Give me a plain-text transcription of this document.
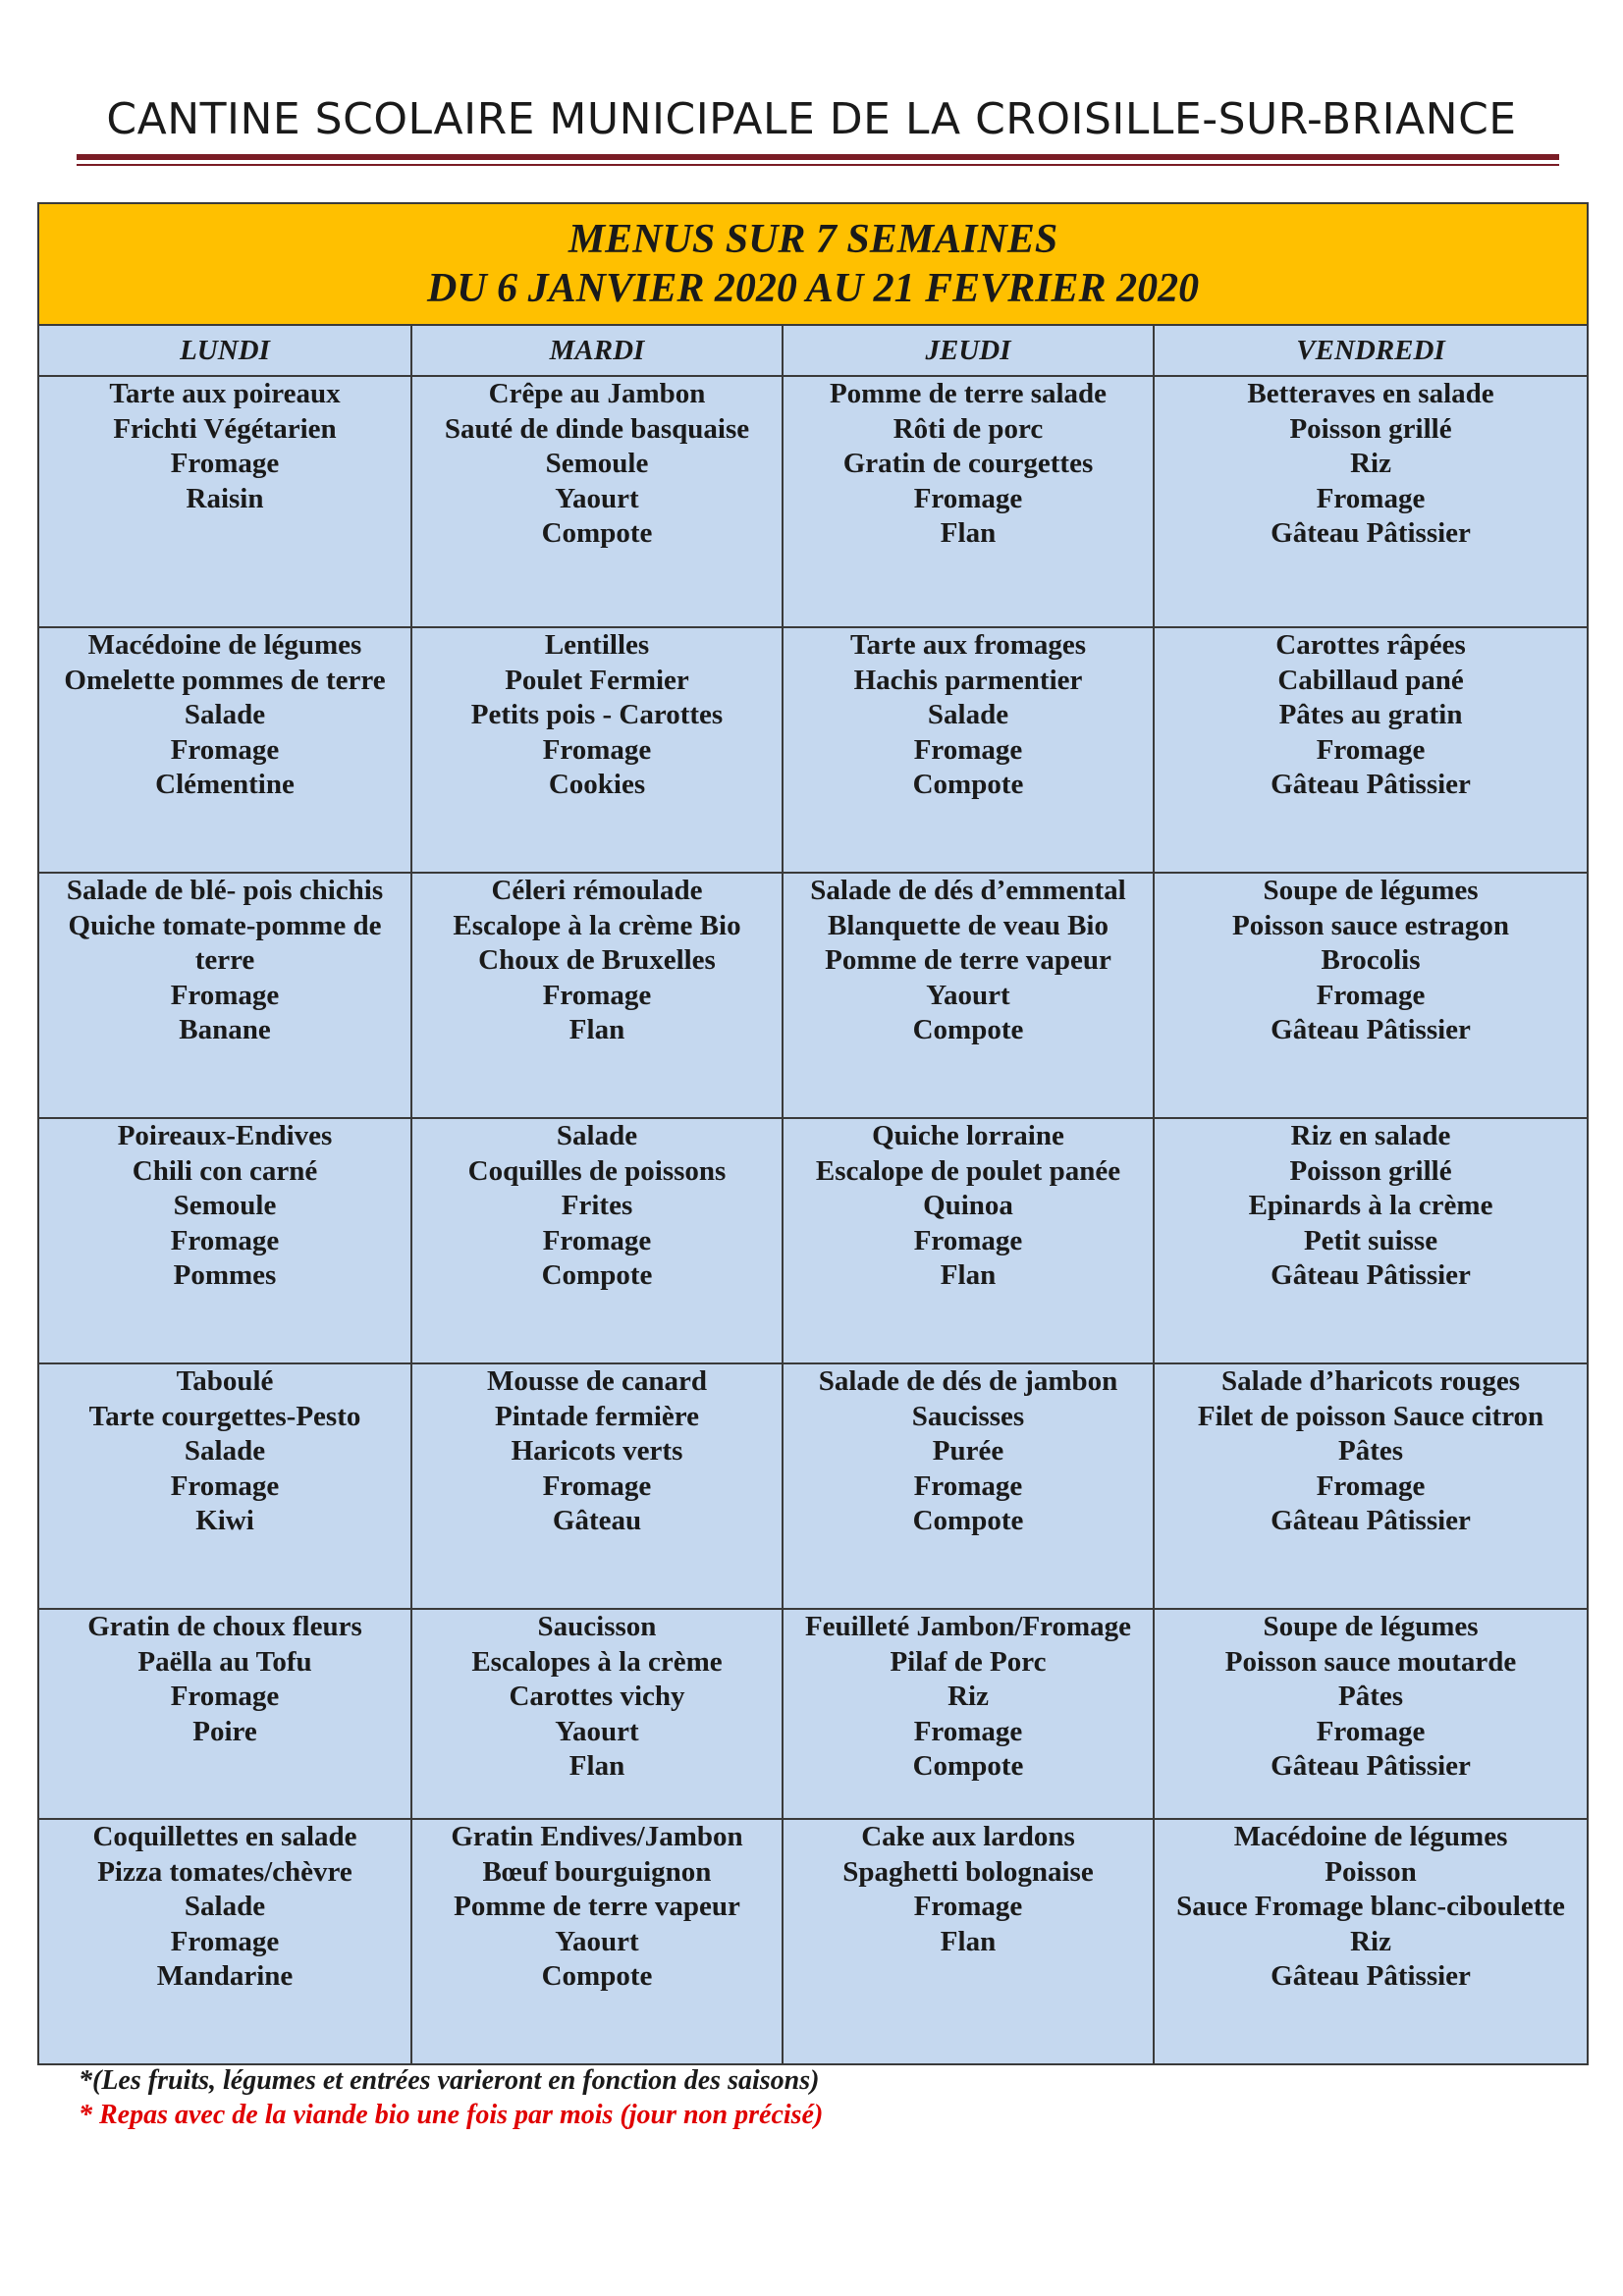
CANTINE SCOLAIRE MUNICIPALE DE LA CROISILLE-SUR-BRIANCE
MENUS SUR 7 SEMAINES
DU 6 JANVIER 2020 AU 21 FEVRIER 2020			

LUNDI	MARDI	JEUDI	VENDREDI

Tarte aux poireaux
Frichti Végétarien
Fromage
Raisin	Crêpe au Jambon
Sauté de dinde basquaise
Semoule
Yaourt
Compote	Pomme de terre salade
Rôti de porc
Gratin de courgettes
Fromage
Flan	Betteraves en salade
Poisson grillé
Riz
Fromage
Gâteau Pâtissier

Macédoine de légumes
Omelette pommes de terre
Salade
Fromage
Clémentine	Lentilles
Poulet Fermier
Petits pois - Carottes
Fromage
Cookies	Tarte aux fromages
Hachis parmentier
Salade
Fromage
Compote	Carottes râpées
Cabillaud pané
Pâtes au gratin
Fromage
Gâteau Pâtissier

Salade de blé- pois chichis
Quiche tomate-pomme de terre
Fromage
Banane	Céleri rémoulade
Escalope à la crème Bio
Choux de Bruxelles
Fromage
Flan	Salade de dés d’emmental
Blanquette de veau Bio
Pomme de terre vapeur
Yaourt
Compote	Soupe de légumes
Poisson sauce estragon
Brocolis
Fromage
Gâteau Pâtissier

Poireaux-Endives
Chili con carné
Semoule
Fromage
Pommes	Salade
Coquilles de poissons
Frites
Fromage
Compote	Quiche lorraine
Escalope de poulet panée
Quinoa
Fromage
Flan	Riz en salade
Poisson grillé
Epinards à la crème
Petit suisse
Gâteau Pâtissier

Taboulé
Tarte courgettes-Pesto
Salade
Fromage
Kiwi	Mousse de canard
Pintade fermière
Haricots verts
Fromage
Gâteau	Salade de dés de jambon
Saucisses
Purée
Fromage
Compote	Salade d’haricots rouges
Filet de poisson Sauce citron
Pâtes
Fromage
Gâteau Pâtissier

Gratin de choux fleurs
Paëlla au Tofu
Fromage
Poire	Saucisson
Escalopes à la crème
Carottes vichy
Yaourt
Flan	Feuilleté Jambon/Fromage
Pilaf de Porc
Riz
Fromage
Compote	Soupe de légumes
Poisson sauce moutarde
Pâtes
Fromage
Gâteau Pâtissier

Coquillettes en salade
Pizza tomates/chèvre
Salade
Fromage
Mandarine	Gratin Endives/Jambon
Bœuf bourguignon
Pomme de terre vapeur
Yaourt
Compote	Cake aux lardons
Spaghetti bolognaise
Fromage
Flan	Macédoine de légumes
Poisson
Sauce Fromage blanc-ciboulette
Riz
Gâteau Pâtissier
*(Les fruits, légumes et entrées varieront en fonction des saisons)
* Repas avec de la viande bio une fois par mois (jour non précisé)
